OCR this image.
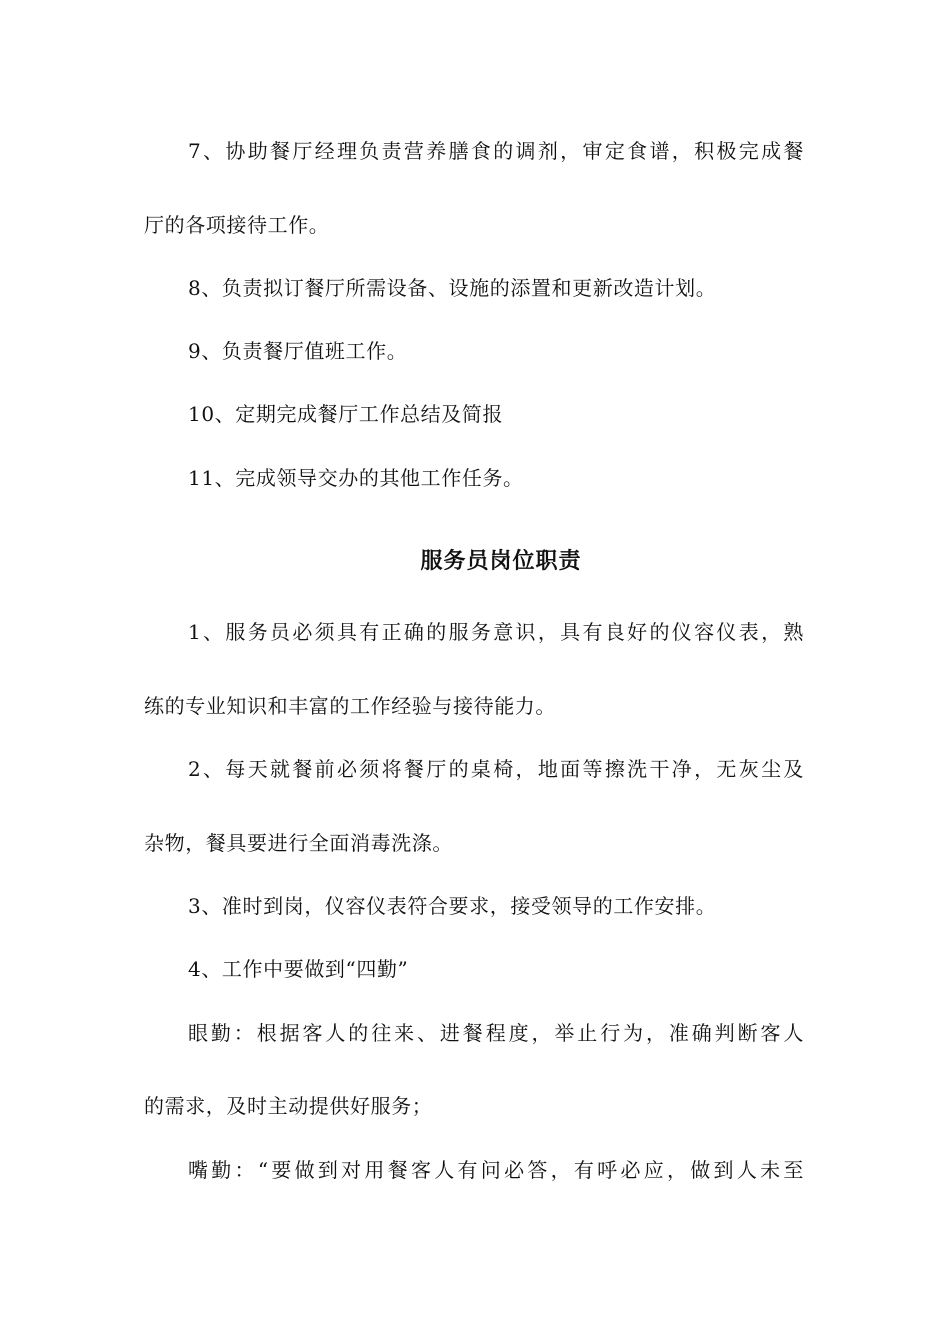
7、协助餐厅经理负责营养膳食的调剂，审定食谱，积极完成餐
厅的各项接待工作。
8、负责拟订餐厅所需设备、设施的添置和更新改造计划。
9、负责餐厅值班工作。
10、定期完成餐厅工作总结及简报
11、完成领导交办的其他工作任务。
服务员岗位职责
1、服务员必须具有正确的服务意识，具有良好的仪容仪表，熟
练的专业知识和丰富的工作经验与接待能力。
2、每天就餐前必须将餐厅的桌椅，地面等擦洗干净，无灰尘及
杂物，餐具要进行全面消毒洗涤。
3、准时到岗，仪容仪表符合要求，接受领导的工作安排。
4、工作中要做到“四勤”
眼勤：根据客人的往来、进餐程度，举止行为，准确判断客人
的需求，及时主动提供好服务；
嘴勤：“要做到对用餐客人有问必答，有呼必应，做到人未至
